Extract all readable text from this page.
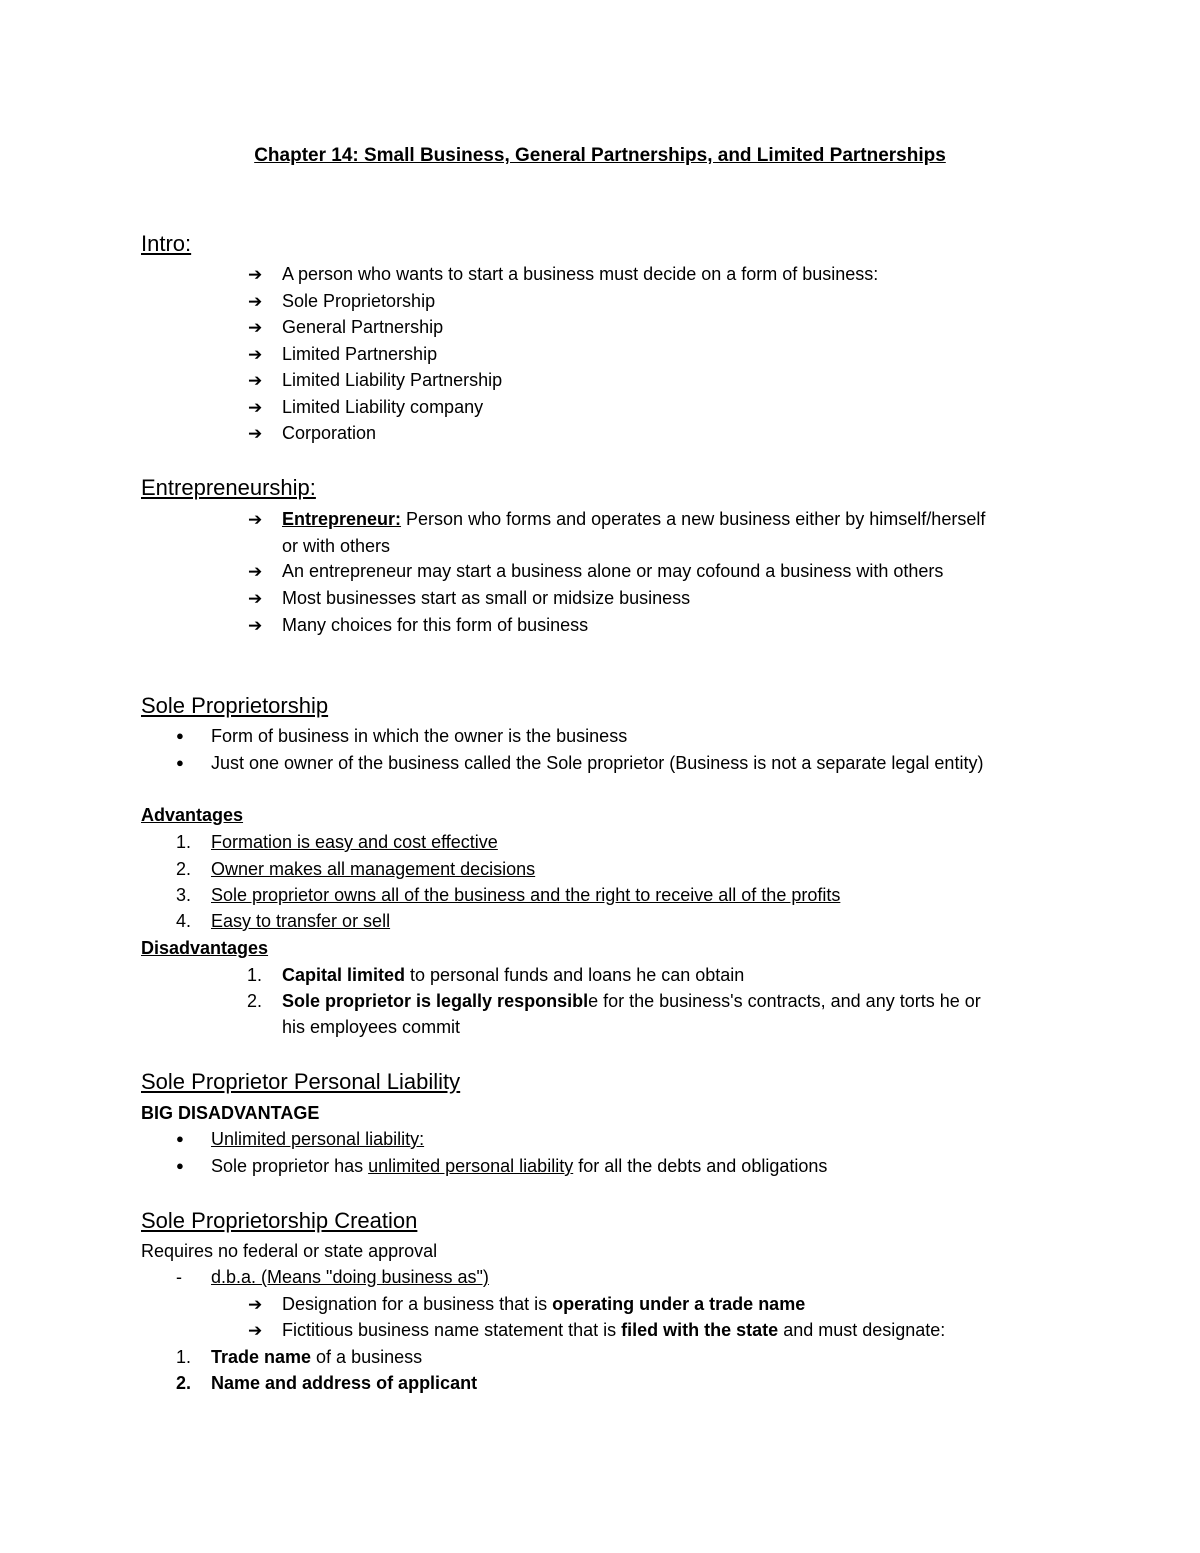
Chapter 14: Small Business, General Partnerships, and Limited Partnerships
Intro:
➔ A person who wants to start a business must decide on a form of business:
➔ Sole Proprietorship
➔ General Partnership
➔ Limited Partnership
➔ Limited Liability Partnership
➔ Limited Liability company
➔ Corporation
Entrepreneurship:
➔ Entrepreneur: Person who forms and operates a new business either by himself/herself
or with others
➔ An entrepreneur may start a business alone or may cofound a business with others
➔ Most businesses start as small or midsize business
➔ Many choices for this form of business
Sole Proprietorship
● Form of business in which the owner is the business
● Just one owner of the business called the Sole proprietor (Business is not a separate legal entity)
Advantages
1. Formation is easy and cost effective
2. Owner makes all management decisions
3. Sole proprietor owns all of the business and the right to receive all of the profits
4. Easy to transfer or sell
Disadvantages
1. Capital limited to personal funds and loans he can obtain
2. Sole proprietor is legally responsible for the business's contracts, and any torts he or
his employees commit
Sole Proprietor Personal Liability
BIG DISADVANTAGE
● Unlimited personal liability:
● Sole proprietor has unlimited personal liability for all the debts and obligations
Sole Proprietorship Creation
Requires no federal or state approval
- d.b.a. (Means "doing business as")
➔ Designation for a business that is operating under a trade name
➔ Fictitious business name statement that is filed with the state and must designate:
1. Trade name of a business
2. Name and address of applicant
